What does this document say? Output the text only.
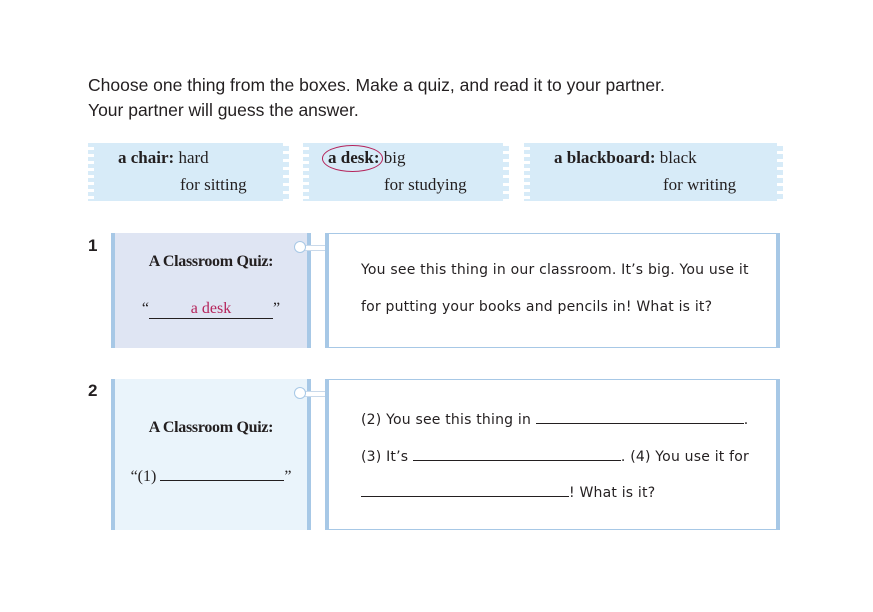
Choose one thing from the boxes. Make a quiz, and read it to your partner.
Your partner will guess the answer.
a chair: hard
for sitting
a desk: big
for studying
a blackboard: black
for writing
1
A Classroom Quiz:
“	a desk	”
You see this thing in our classroom. It’s big. You use it
for putting your books and pencils in! What is it?
2
A Classroom Quiz:
“(1)	”
(2) You see this thing in	.
(3) It’s	. (4) You use it for
! What is it?
